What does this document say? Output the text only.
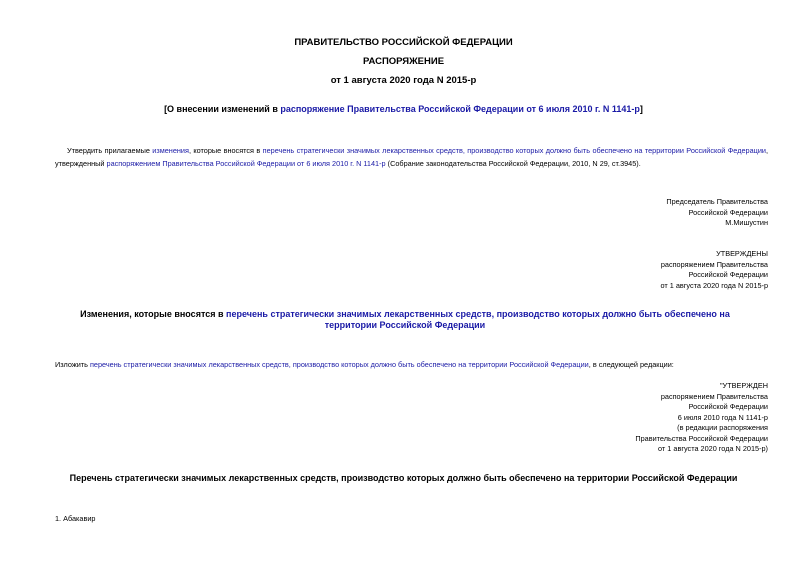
ПРАВИТЕЛЬСТВО РОССИЙСКОЙ ФЕДЕРАЦИИ
РАСПОРЯЖЕНИЕ
от 1 августа 2020 года N 2015-р
[О внесении изменений в распоряжение Правительства Российской Федерации от 6 июля 2010 г. N 1141-р]
Утвердить прилагаемые изменения, которые вносятся в перечень стратегически значимых лекарственных средств, производство которых должно быть обеспечено на территории Российской Федерации, утвержденный распоряжением Правительства Российской Федерации от 6 июля 2010 г. N 1141-р (Собрание законодательства Российской Федерации, 2010, N 29, ст.3945).
Председатель Правительства
Российской Федерации
М.Мишустин
УТВЕРЖДЕНЫ
распоряжением Правительства
Российской Федерации
от 1 августа 2020 года N 2015-р
Изменения, которые вносятся в перечень стратегически значимых лекарственных средств, производство которых должно быть обеспечено на территории Российской Федерации
Изложить перечень стратегически значимых лекарственных средств, производство которых должно быть обеспечено на территории Российской Федерации, в следующей редакции:
"УТВЕРЖДЕН
распоряжением Правительства
Российской Федерации
6 июля 2010 года N 1141-р
(в редакции распоряжения
Правительства Российской Федерации
от 1 августа 2020 года N 2015-р)
Перечень стратегически значимых лекарственных средств, производство которых должно быть обеспечено на территории Российской Федерации
1. Абакавир
